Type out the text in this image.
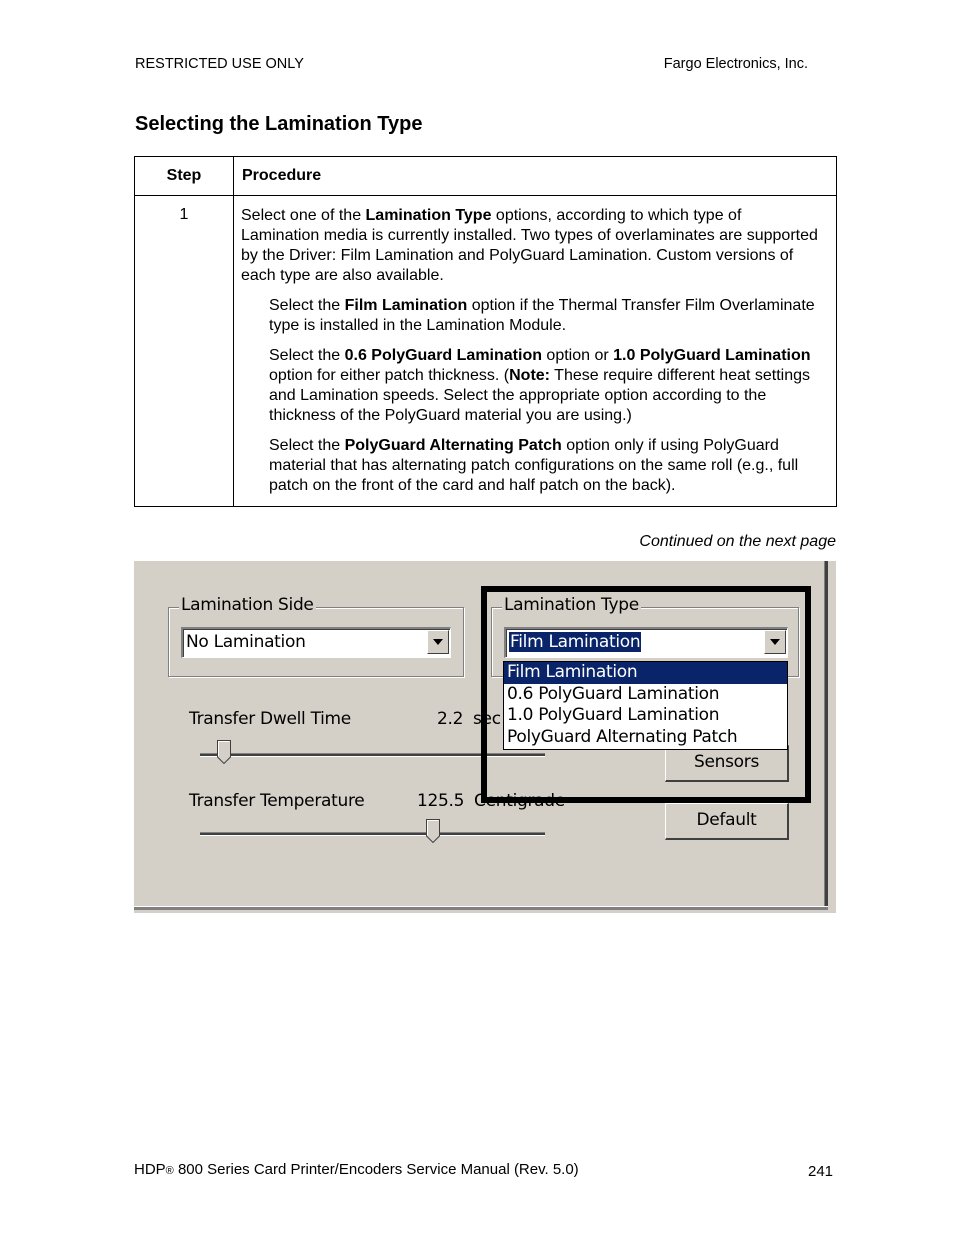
RESTRICTED USE ONLY	Fargo Electronics, Inc.
Selecting the Lamination Type
Step	Procedure
1	Select one of the Lamination Type options, according to which type of Lamination media is currently installed. Two types of overlaminates are supported by the Driver: Film Lamination and PolyGuard Lamination. Custom versions of each type are also available.

Select the Film Lamination option if the Thermal Transfer Film Overlaminate type is installed in the Lamination Module.

Select the 0.6 PolyGuard Lamination option or 1.0 PolyGuard Lamination option for either patch thickness. (Note: These require different heat settings and Lamination speeds. Select the appropriate option according to the thickness of the PolyGuard material you are using.)

Select the PolyGuard Alternating Patch option only if using PolyGuard material that has alternating patch configurations on the same roll (e.g., full patch on the front of the card and half patch on the back).

Continued on the next page
Lamination Side
No Lamination
Lamination Type
Film Lamination
Transfer Dwell Time	2.2 sec
Transfer Temperature	125.5 Centigrade
Sensors
Default
Film Lamination
0.6 PolyGuard Lamination
1.0 PolyGuard Lamination
PolyGuard Alternating Patch
HDP® 800 Series Card Printer/Encoders Service Manual (Rev. 5.0)	241
